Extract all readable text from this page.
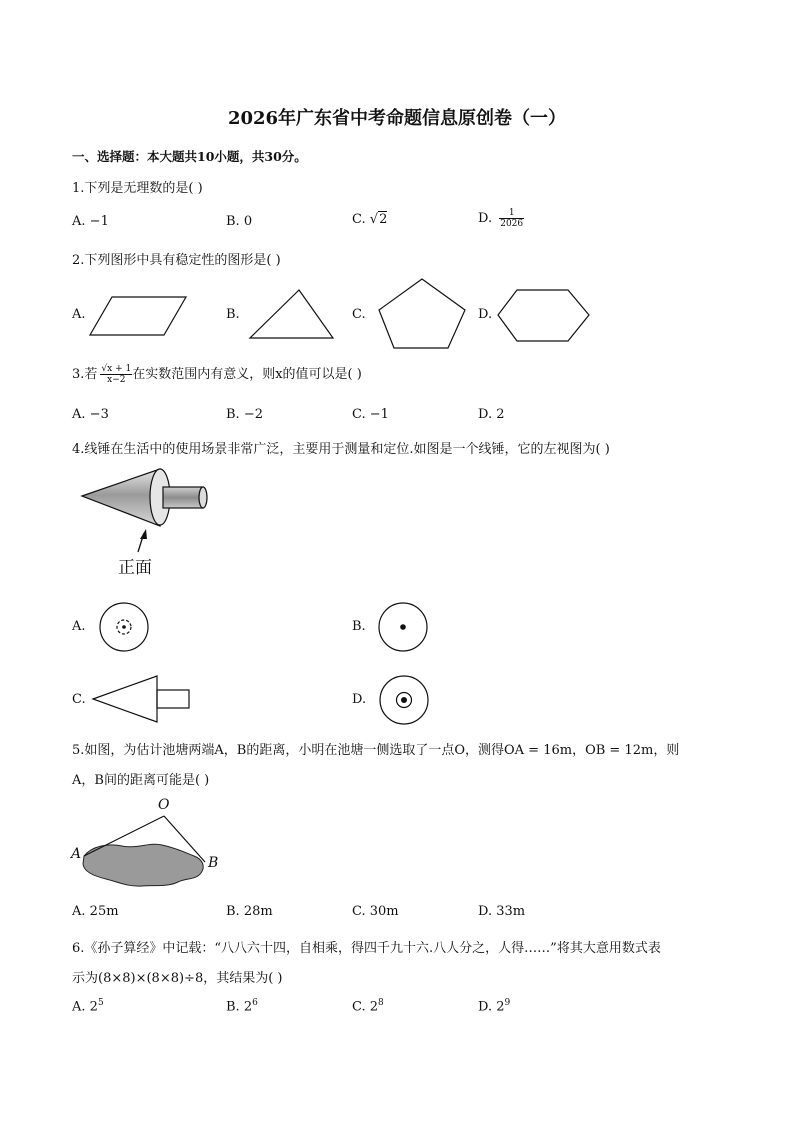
2026年广东省中考命题信息原创卷（一）
一、选择题：本大题共10小题，共30分。
1.下列是无理数的是( )
A. −1	B. 0	C. √2	D. $\frac{1}{2026}$
2.下列图形中具有稳定性的图形是( )
A.	B.	C.	D.
3.若 $\frac{√x + 1}{x-2}$ 在实数范围内有意义，则x的值可以是( )
A. −3	B. −2	C. −1	D. 2
4.线锤在生活中的使用场景非常广泛，主要用于测量和定位.如图是一个线锤，它的左视图为( )
正面
A.	B.
C.	D.
5.如图，为估计池塘两端A，B的距离，小明在池塘一侧选取了一点O，测得OA = 16m，OB = 12m，则
A，B间的距离可能是( )
O
A
B
A. 25m	B. 28m	C. 30m	D. 33m
6.《孙子算经》中记载：“八八六十四，自相乘，得四千九十六.八人分之，人得……”将其大意用数式表
示为(8×8)×(8×8)÷8，其结果为( )
A. $2^5$	B. $2^6$	C. $2^8$	D. $2^9$
